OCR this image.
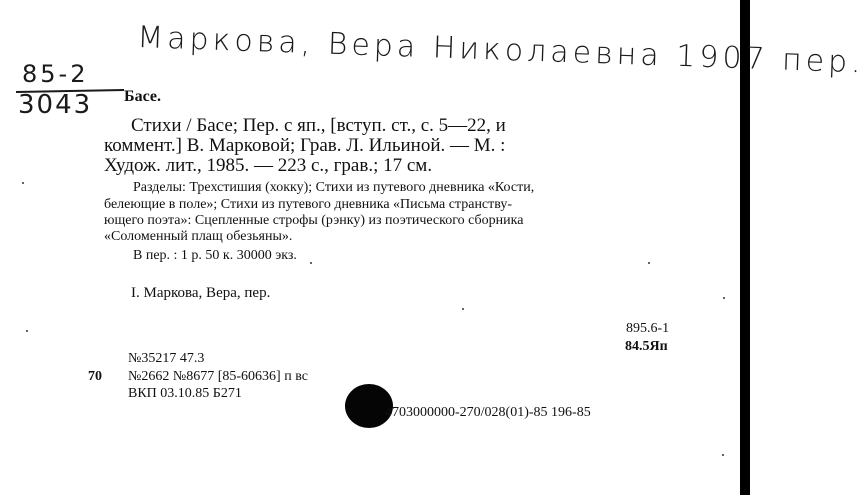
Маркова, Вера Николаевна 1907 пер.
85-2
3043 Басе.
Стихи / Басе; Пер. с яп., [вступ. ст., с. 5—22, и
коммент.] В. Марковой; Грав. Л. Ильиной. — М. :
Худож. лит., 1985. — 223 с., грав.; 17 см.
Разделы: Трехстишия (хокку); Стихи из путевого дневника «Кости,
белеющие в поле»; Стихи из путевого дневника «Письма странству-
ющего поэта»: Сцепленные строфы (рэнку) из поэтического сборника
«Соломенный плащ обезьяны».
В пер. : 1 р. 50 к. 30000 экз.
I. Маркова, Вера, пер.
895.6-1
84.5Яп
№35217 47.3
70 №2662 №8677 [85-60636] п вс
ВКП 03.10.85 Б271
4703000000-270/028(01)-85 196-85
